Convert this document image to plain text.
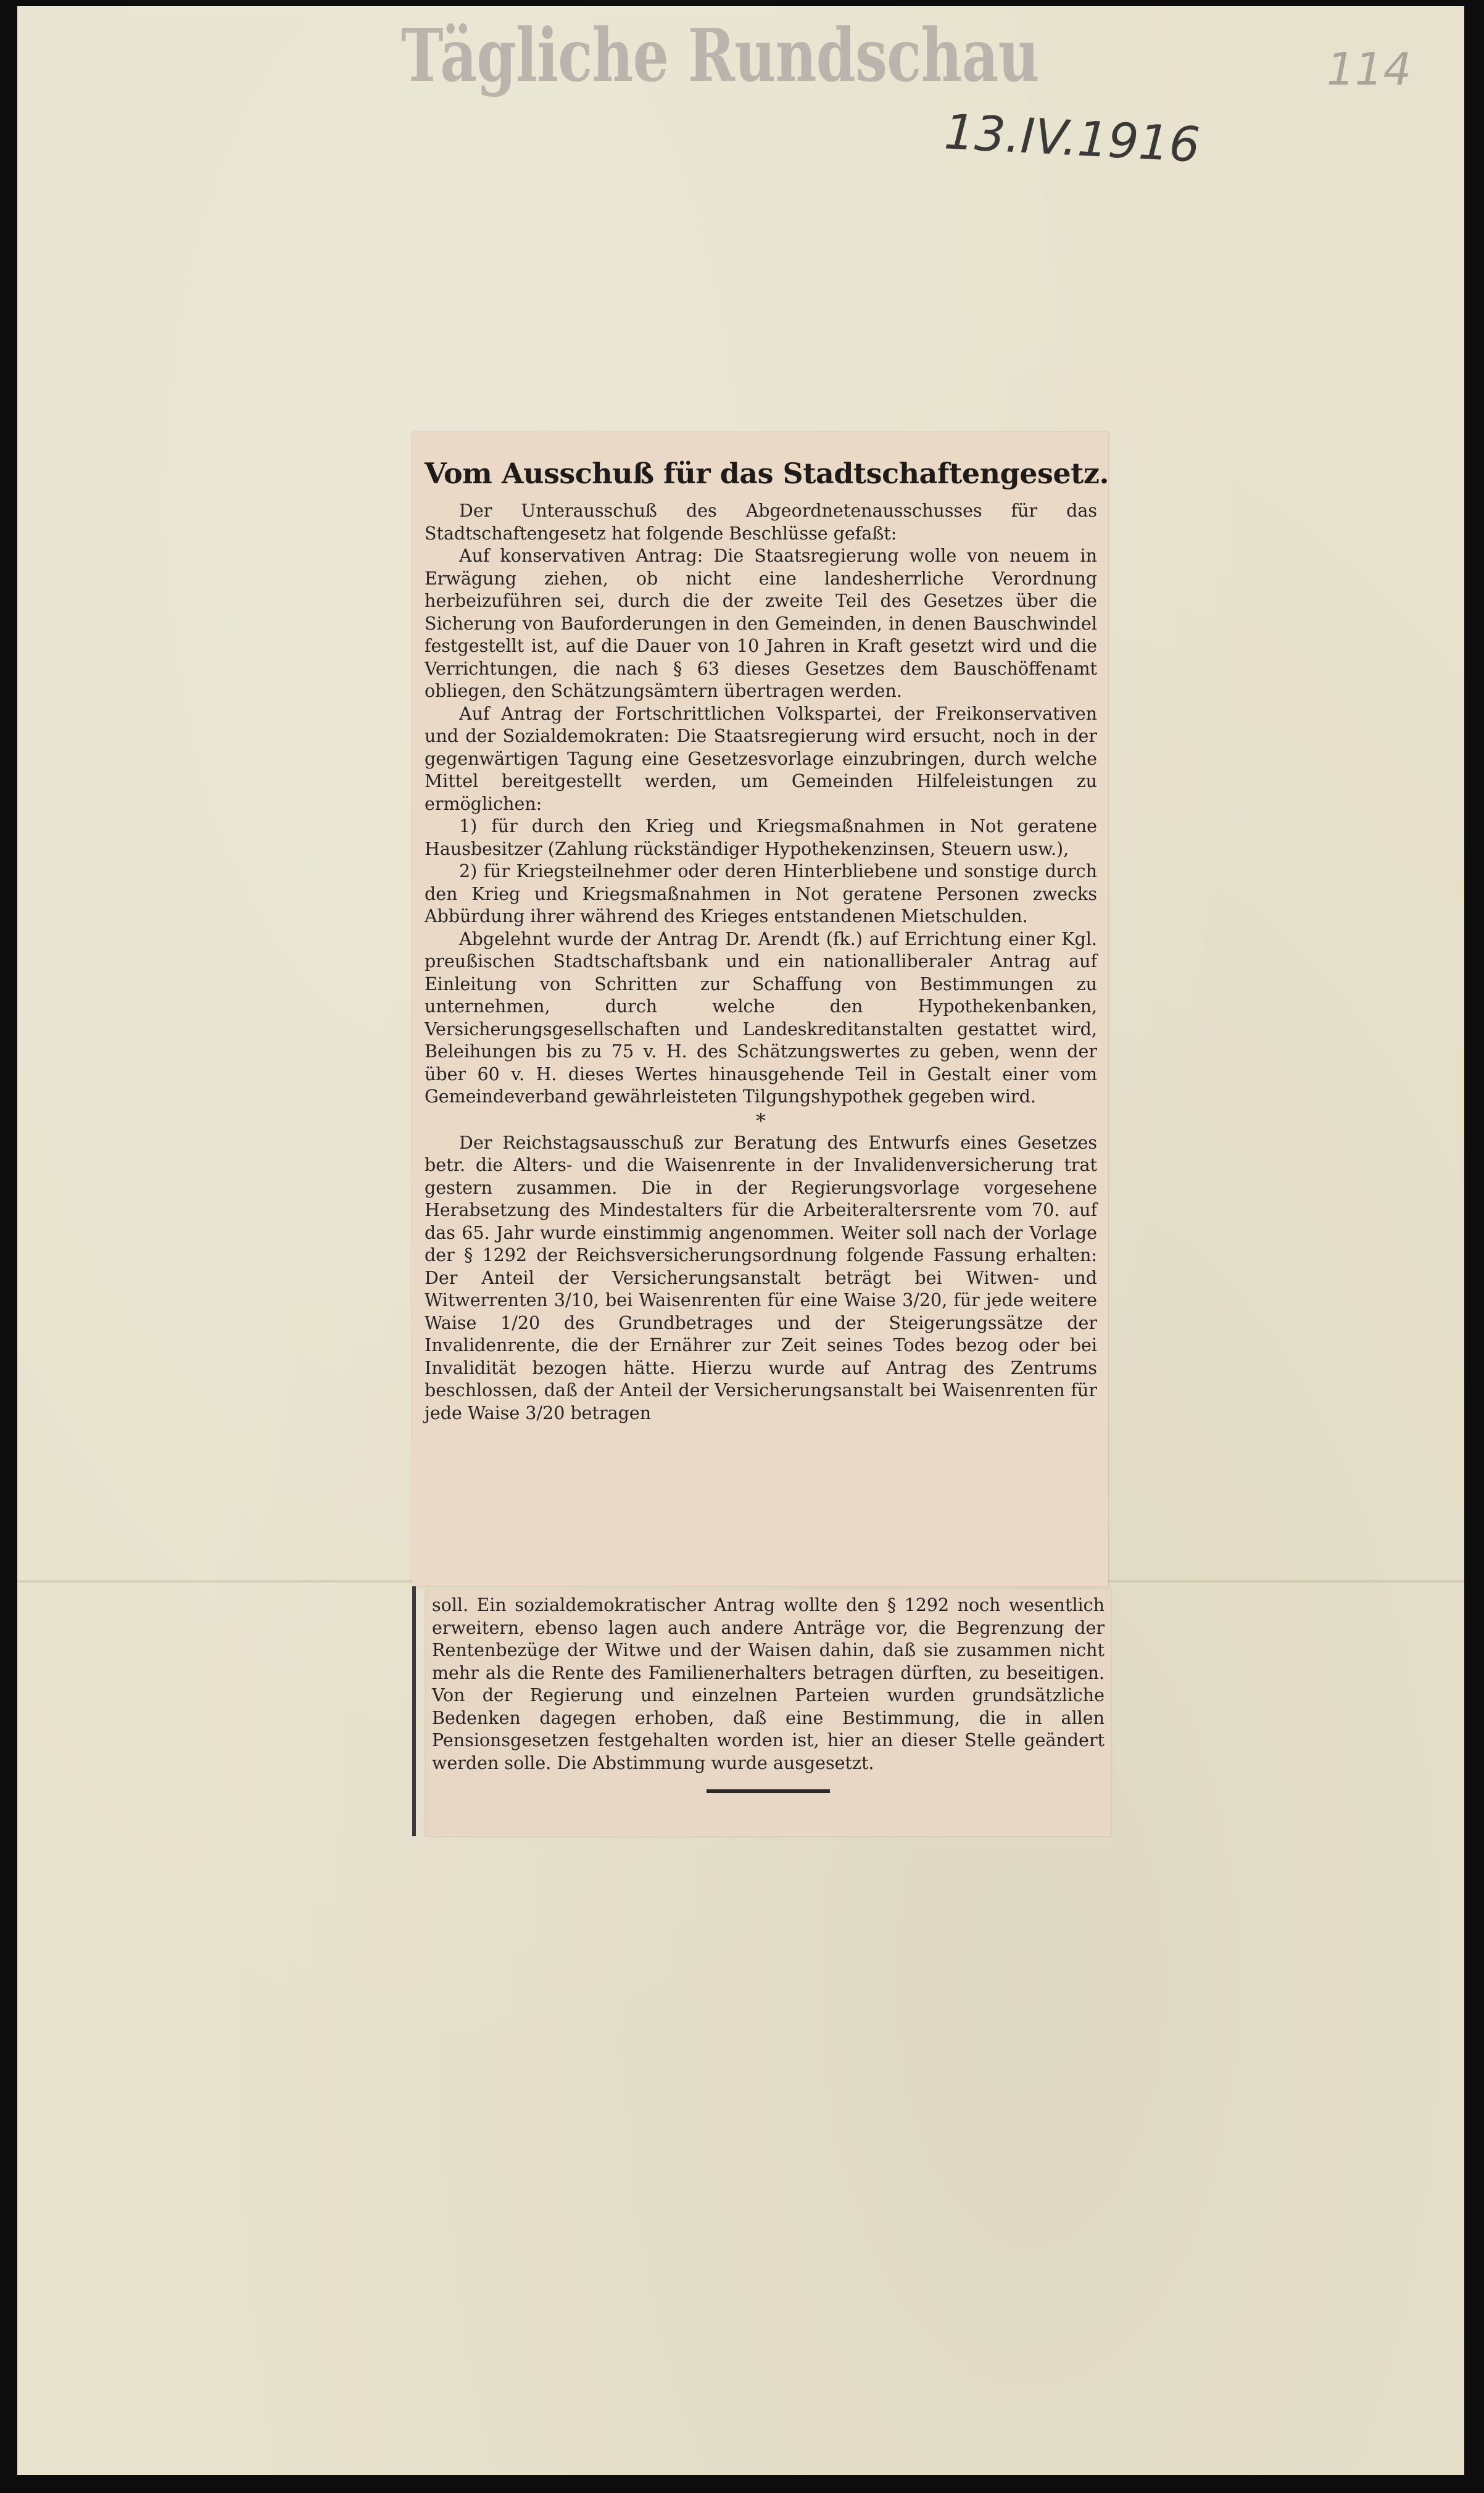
Tägliche Rundschau
13.IV.1916
114
Vom Ausschuß für das Stadtschaftengesetz.

Der Unterausschuß des Abgeordnetenausschusses für das Stadtschaftengesetz hat folgende Beschlüsse gefaßt:

Auf konservativen Antrag: Die Staatsregierung wolle von neuem in Erwägung ziehen, ob nicht eine landesherrliche Verordnung herbeizuführen sei, durch die der zweite Teil des Gesetzes über die Sicherung von Bauforderungen in den Gemeinden, in denen Bauschwindel festgestellt ist, auf die Dauer von 10 Jahren in Kraft gesetzt wird und die Verrichtungen, die nach § 63 dieses Gesetzes dem Bauschöffenamt obliegen, den Schätzungsämtern übertragen werden.

Auf Antrag der Fortschrittlichen Volkspartei, der Freikonservativen und der Sozialdemokraten: Die Staatsregierung wird ersucht, noch in der gegenwärtigen Tagung eine Gesetzesvorlage einzubringen, durch welche Mittel bereitgestellt werden, um Gemeinden Hilfeleistungen zu ermöglichen:

1) für durch den Krieg und Kriegsmaßnahmen in Not geratene Hausbesitzer (Zahlung rückständiger Hypothekenzinsen, Steuern usw.),

2) für Kriegsteilnehmer oder deren Hinterbliebene und sonstige durch den Krieg und Kriegsmaßnahmen in Not geratene Personen zwecks Abbürdung ihrer während des Krieges entstandenen Mietschulden.

Abgelehnt wurde der Antrag Dr. Arendt (fk.) auf Errichtung einer Kgl. preußischen Stadtschaftsbank und ein nationalliberaler Antrag auf Einleitung von Schritten zur Schaffung von Bestimmungen zu unternehmen, durch welche den Hypothekenbanken, Versicherungsgesellschaften und Landeskreditanstalten gestattet wird, Beleihungen bis zu 75 v. H. des Schätzungswertes zu geben, wenn der über 60 v. H. dieses Wertes hinausgehende Teil in Gestalt einer vom Gemeindeverband gewährleisteten Tilgungshypothek gegeben wird.

*

Der Reichstagsausschuß zur Beratung des Entwurfs eines Gesetzes betr. die Alters- und die Waisenrente in der Invalidenversicherung trat gestern zusammen. Die in der Regierungsvorlage vorgesehene Herabsetzung des Mindestalters für die Arbeiteraltersrente vom 70. auf das 65. Jahr wurde einstimmig angenommen. Weiter soll nach der Vorlage der § 1292 der Reichsversicherungsordnung folgende Fassung erhalten: Der Anteil der Versicherungsanstalt beträgt bei Witwen- und Witwerrenten 3/10, bei Waisenrenten für eine Waise 3/20, für jede weitere Waise 1/20 des Grundbetrages und der Steigerungssätze der Invalidenrente, die der Ernährer zur Zeit seines Todes bezog oder bei Invalidität bezogen hätte. Hierzu wurde auf Antrag des Zentrums beschlossen, daß der Anteil der Versicherungsanstalt bei Waisenrenten für jede Waise 3/20 betragen

soll. Ein sozialdemokratischer Antrag wollte den § 1292 noch wesentlich erweitern, ebenso lagen auch andere Anträge vor, die Begrenzung der Rentenbezüge der Witwe und der Waisen dahin, daß sie zusammen nicht mehr als die Rente des Familienerhalters betragen dürften, zu beseitigen. Von der Regierung und einzelnen Parteien wurden grundsätzliche Bedenken dagegen erhoben, daß eine Bestimmung, die in allen Pensionsgesetzen festgehalten worden ist, hier an dieser Stelle geändert werden solle. Die Abstimmung wurde ausgesetzt.
